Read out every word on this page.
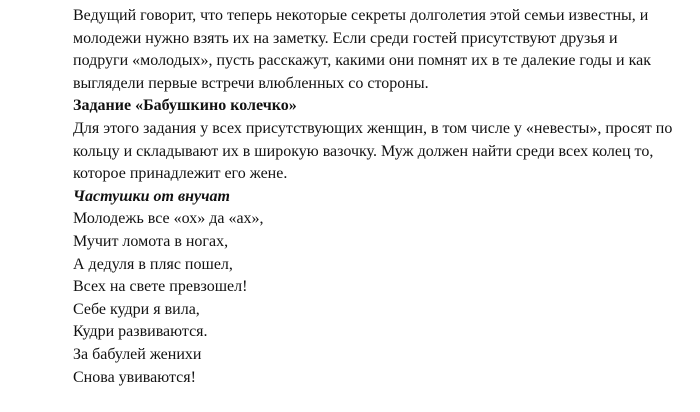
Ведущий говорит, что теперь некоторые секреты долголетия этой семьи известны, и молодежи нужно взять их на заметку. Если среди гостей присутствуют друзья и подруги «молодых», пусть расскажут, какими они помнят их в те далекие годы и как выглядели первые встречи влюбленных со стороны.

Задание «Бабушкино колечко»

Для этого задания у всех присутствующих женщин, в том числе у «невесты», просят по кольцу и складывают их в широкую вазочку. Муж должен найти среди всех колец то, которое принадлежит его жене.

Частушки от внучат

Молодежь все «ох» да «ах»,
Мучит ломота в ногах,
А дедуля в пляс пошел,
Всех на свете превзошел!
Себе кудри я вила,
Кудри развиваются.
За бабулей женихи
Снова увиваются!
